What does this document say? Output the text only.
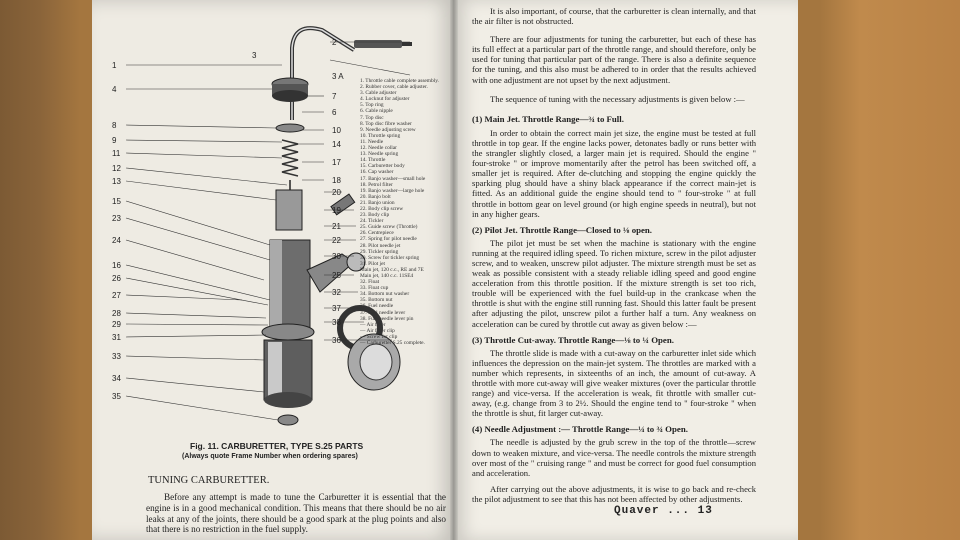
1
4
8
9
11
12
13
15
23
24
16
26
27
28
29
31
33
34
35
2
3 A
7
6
10
14
17
18
20
19
21
22
30
25
32
37
38
36
3
1. Throttle cable complete assembly.
2. Rubber cover, cable adjuster.
3. Cable adjuster
4. Locknut for adjuster
5. Top ring
6. Cable nipple
7. Top disc
8. Top disc fibre washer
9. Needle adjusting screw
10. Throttle spring
11. Needle
12. Needle collar
13. Needle spring
14. Throttle
15. Carburetter body
16. Cap washer
17. Banjo washer—small hole
18. Petrol filter
19. Banjo washer—large hole
20. Banjo bolt
21. Banjo union
22. Body clip screw
23. Body clip
24. Tickler
25. Guide screw (Throttle)
26. Centrepiece
27. Spring for pilot needle
28. Pilot needle jet
29. Tickler spring
30. Screw for tickler spring
31. Pilot jet
Main jet, 120 c.c., RE and 7E
Main jet, 140 c.c. 11SE4
32. Float
33. Float cup
34. Bottom nut washer
35. Bottom nut
36. Fuel needle
37. Fuel needle lever
38. Fuel needle lever pin
— Air filter
— Air filter clip
— Screw for clip
— Carburetter S.25 complete.
Fig. 11. CARBURETTER, TYPE S.25 PARTS
(Always quote Frame Number when ordering spares)
TUNING CARBURETTER.
Before any attempt is made to tune the Carburetter it is essential that the engine is in a good mechanical condition. This means that there should be no air leaks at any of the joints, there should be a good spark at the plug points and also that there is no restriction in the fuel supply.

It is also important, of course, that the carburetter is clean internally, and that the air filter is not obstructed.

There are four adjustments for tuning the carburetter, but each of these has its full effect at a particular part of the throttle range, and should therefore, only be used for tuning that particular part of the range. There is also a definite sequence for the tuning, and this also must be adhered to in order that the results achieved with one adjustment are not upset by the next adjustment.

The sequence of tuning with the necessary adjustments is given below :—

(1) Main Jet. Throttle Range—¾ to Full.

In order to obtain the correct main jet size, the engine must be tested at full throttle in top gear. If the engine lacks power, detonates badly or runs better with the strangler slightly closed, a larger main jet is required. Should the engine " four-stroke " or improve momentarily after the petrol has been switched off, a smaller jet is required. After de-clutching and stopping the engine quickly the sparking plug should have a shiny black appearance if the correct main-jet is fitted. As an additional guide the engine should tend to " four-stroke " at full throttle in bottom gear on level ground (or high engine speeds in neutral), but not in any higher gears.

(2) Pilot Jet. Throttle Range—Closed to ⅛ open.

The pilot jet must be set when the machine is stationary with the engine running at the required idling speed. To richen mixture, screw in the pilot adjuster screw, and to weaken, unscrew pilot adjuster. The mixture strength must be set as weak as possible consistent with a steady reliable idling speed and good engine acceleration from this throttle position. If the mixture strength is set too rich, trouble will be experienced with the fuel build-up in the crankcase when the throttle is shut with the engine still running fast. Should this latter fault be present after adjusting the pilot, unscrew pilot a further half a turn. Any weakness on acceleration can be cured by throttle cut away as given below :—

(3) Throttle Cut-away. Throttle Range—⅛ to ¼ Open.

The throttle slide is made with a cut-away on the carburetter inlet side which influences the depression on the main-jet system. The throttles are marked with a number which represents, in sixteenths of an inch, the amount of cut-away. A throttle with more cut-away will give weaker mixtures (over the particular throttle range) and vice-versa. If the acceleration is weak, fit throttle with smaller cut-away, (e.g. change from 3 to 2½. Should the engine tend to " four-stroke " when the throttle is shut, fit larger cut-away.

(4) Needle Adjustment :— Throttle Range—¼ to ¾ Open.

The needle is adjusted by the grub screw in the top of the throttle—screw down to weaken mixture, and vice-versa. The needle controls the mixture strength over most of the " cruising range " and must be correct for good fuel consumption and acceleration.

After carrying out the above adjustments, it is wise to go back and re-check the pilot adjustment to see that this has not been affected by other adjustments.

Quaver ... 13
